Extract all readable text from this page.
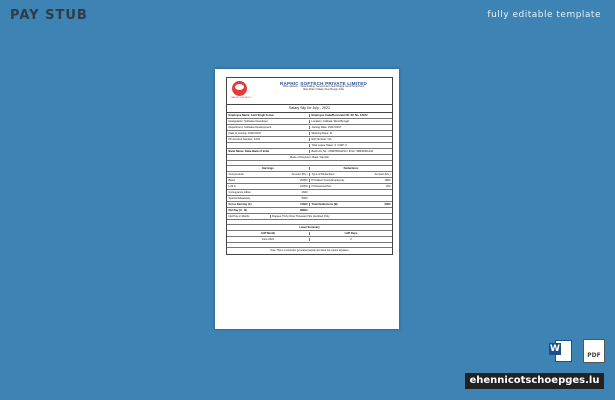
PAY STUB	fully editable template
RAPHIC SOFTECH
RAPHIC SOFTECH PRIVATE LIMITED
Office Address :- Vikas Building, Second Floor, Near Bhagya Laxmi Petrol Pump
Main Road, Kolkata, West Bengal, India
Salary Slip for July - 2021
Employee Name: Amit Singh Tomar	Employee Code/Personnel ID: SC No. 12372
Designation: Software Developer	Location: Kolkata, West Bengal
Department: Software Development	Joining Date: 01/07/2017
Date of Joining: 01/07/2017	Working Days: 31
PF Account Number: 1234	ESI Number: NA
Total Leave Taken: 0 / LWP: 0
Bank Name: State Bank of India	Bank A/c No.: 009876543210 / IFSC: SBIN0001234
Mode of Payment: Bank Transfer
Earnings	Deductions
Components	Amount (Rs.) Type of Deductions	Amount (Rs.)
Basic	25000 Provident Fund (Employee)	1800
H.R.A	10000 Professional Tax	200
Conveyance Allow.	1600
Special Allowance	5000
Gross Earning (A)	41600 Total Deductions (B)	2000
Net Pay (A - B)	39600
Net Pay in Words	Rupees Thirty Nine Thousand Six Hundred Only
Leave Summary
LOP Month	LOP Days
June 2021	0
Note: This is a computer generated payslip and does not require signature
W
PDF
ehennicotschoepges.lu
